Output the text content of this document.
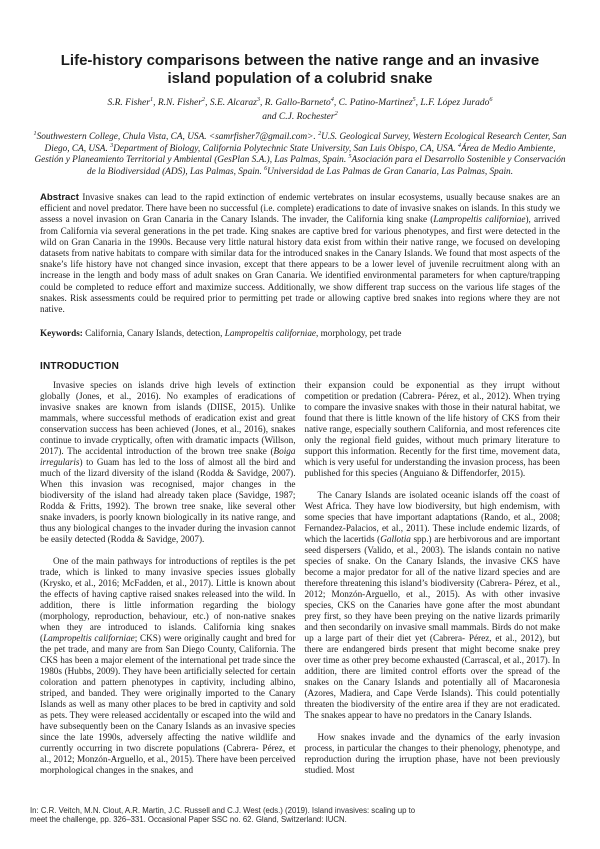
Life-history comparisons between the native range and an invasive island population of a colubrid snake
S.R. Fisher$^1$, R.N. Fisher$^2$, S.E. Alcaraz$^3$, R. Gallo-Barneto$^4$, C. Patino-Martinez$^5$, L.F. López Jurado$^6$
and C.J. Rochester$^2$
$^1$Southwestern College, Chula Vista, CA, USA. <samrfisher7@gmail.com>. $^2$U.S. Geological Survey, Western Ecological Research Center, San Diego, CA, USA. $^3$Department of Biology, California Polytechnic State University, San Luis Obispo, CA, USA. $^4$Área de Medio Ambiente, Gestión y Planeamiento Territorial y Ambiental (GesPlan S.A.), Las Palmas, Spain. $^5$Asociación para el Desarrollo Sostenible y Conservación de la Biodiversidad (ADS), Las Palmas, Spain. $^6$Universidad de Las Palmas de Gran Canaria, Las Palmas, Spain.

Abstract Invasive snakes can lead to the rapid extinction of endemic vertebrates on insular ecosystems, usually because snakes are an efficient and novel predator. There have been no successful (i.e. complete) eradications to date of invasive snakes on islands. In this study we assess a novel invasion on Gran Canaria in the Canary Islands. The invader, the California king snake (Lampropeltis californiae), arrived from California via several generations in the pet trade. King snakes are captive bred for various phenotypes, and first were detected in the wild on Gran Canaria in the 1990s. Because very little natural history data exist from within their native range, we focused on developing datasets from native habitats to compare with similar data for the introduced snakes in the Canary Islands. We found that most aspects of the snake’s life history have not changed since invasion, except that there appears to be a lower level of juvenile recruitment along with an increase in the length and body mass of adult snakes on Gran Canaria. We identified environmental parameters for when capture/trapping could be completed to reduce effort and maximize success. Additionally, we show different trap success on the various life stages of the snakes. Risk assessments could be required prior to permitting pet trade or allowing captive bred snakes into regions where they are not native.

Keywords: California, Canary Islands, detection, Lampropeltis californiae, morphology, pet trade

INTRODUCTION

Invasive species on islands drive high levels of extinction globally (Jones, et al., 2016). No examples of eradications of invasive snakes are known from islands (DIISE, 2015). Unlike mammals, where successful methods of eradication exist and great conservation success has been achieved (Jones, et al., 2016), snakes continue to invade cryptically, often with dramatic impacts (Willson, 2017). The accidental introduction of the brown tree snake (Boiga irregularis) to Guam has led to the loss of almost all the bird and much of the lizard diversity of the island (Rodda & Savidge, 2007). When this invasion was recognised, major changes in the biodiversity of the island had already taken place (Savidge, 1987; Rodda & Fritts, 1992). The brown tree snake, like several other snake invaders, is poorly known biologically in its native range, and thus any biological changes to the invader during the invasion cannot be easily detected (Rodda & Savidge, 2007).

One of the main pathways for introductions of reptiles is the pet trade, which is linked to many invasive species issues globally (Krysko, et al., 2016; McFadden, et al., 2017). Little is known about the effects of having captive raised snakes released into the wild. In addition, there is little information regarding the biology (morphology, reproduction, behaviour, etc.) of non-native snakes when they are introduced to islands. California king snakes (Lampropeltis californiae; CKS) were originally caught and bred for the pet trade, and many are from San Diego County, California. The CKS has been a major element of the international pet trade since the 1980s (Hubbs, 2009). They have been artificially selected for certain coloration and pattern phenotypes in captivity, including albino, striped, and banded. They were originally imported to the Canary Islands as well as many other places to be bred in captivity and sold as pets. They were released accidentally or escaped into the wild and have subsequently been on the Canary Islands as an invasive species since the late 1990s, adversely affecting the native wildlife and currently occurring in two discrete populations (Cabrera- Pérez, et al., 2012; Monzón-Arguello, et al., 2015). There have been perceived morphological changes in the snakes, and

their expansion could be exponential as they irrupt without competition or predation (Cabrera- Pérez, et al., 2012). When trying to compare the invasive snakes with those in their natural habitat, we found that there is little known of the life history of CKS from their native range, especially southern California, and most references cite only the regional field guides, without much primary literature to support this information. Recently for the first time, movement data, which is very useful for understanding the invasion process, has been published for this species (Anguiano & Diffendorfer, 2015).

The Canary Islands are isolated oceanic islands off the coast of West Africa. They have low biodiversity, but high endemism, with some species that have important adaptations (Rando, et al., 2008; Fernandez-Palacios, et al., 2011). These include endemic lizards, of which the lacertids (Gallotia spp.) are herbivorous and are important seed dispersers (Valido, et al., 2003). The islands contain no native species of snake. On the Canary Islands, the invasive CKS have become a major predator for all of the native lizard species and are therefore threatening this island’s biodiversity (Cabrera- Pérez, et al., 2012; Monzón-Arguello, et al., 2015). As with other invasive species, CKS on the Canaries have gone after the most abundant prey first, so they have been preying on the native lizards primarily and then secondarily on invasive small mammals. Birds do not make up a large part of their diet yet (Cabrera- Pérez, et al., 2012), but there are endangered birds present that might become snake prey over time as other prey become exhausted (Carrascal, et al., 2017). In addition, there are limited control efforts over the spread of the snakes on the Canary Islands and potentially all of Macaronesia (Azores, Madiera, and Cape Verde Islands). This could potentially threaten the biodiversity of the entire area if they are not eradicated. The snakes appear to have no predators in the Canary Islands.

How snakes invade and the dynamics of the early invasion process, in particular the changes to their phenology, phenotype, and reproduction during the irruption phase, have not been previously studied. Most

In: C.R. Veitch, M.N. Clout, A.R. Martin, J.C. Russell and C.J. West (eds.) (2019). Island invasives: scaling up to meet the challenge, pp. 326–331. Occasional Paper SSC no. 62. Gland, Switzerland: IUCN.
